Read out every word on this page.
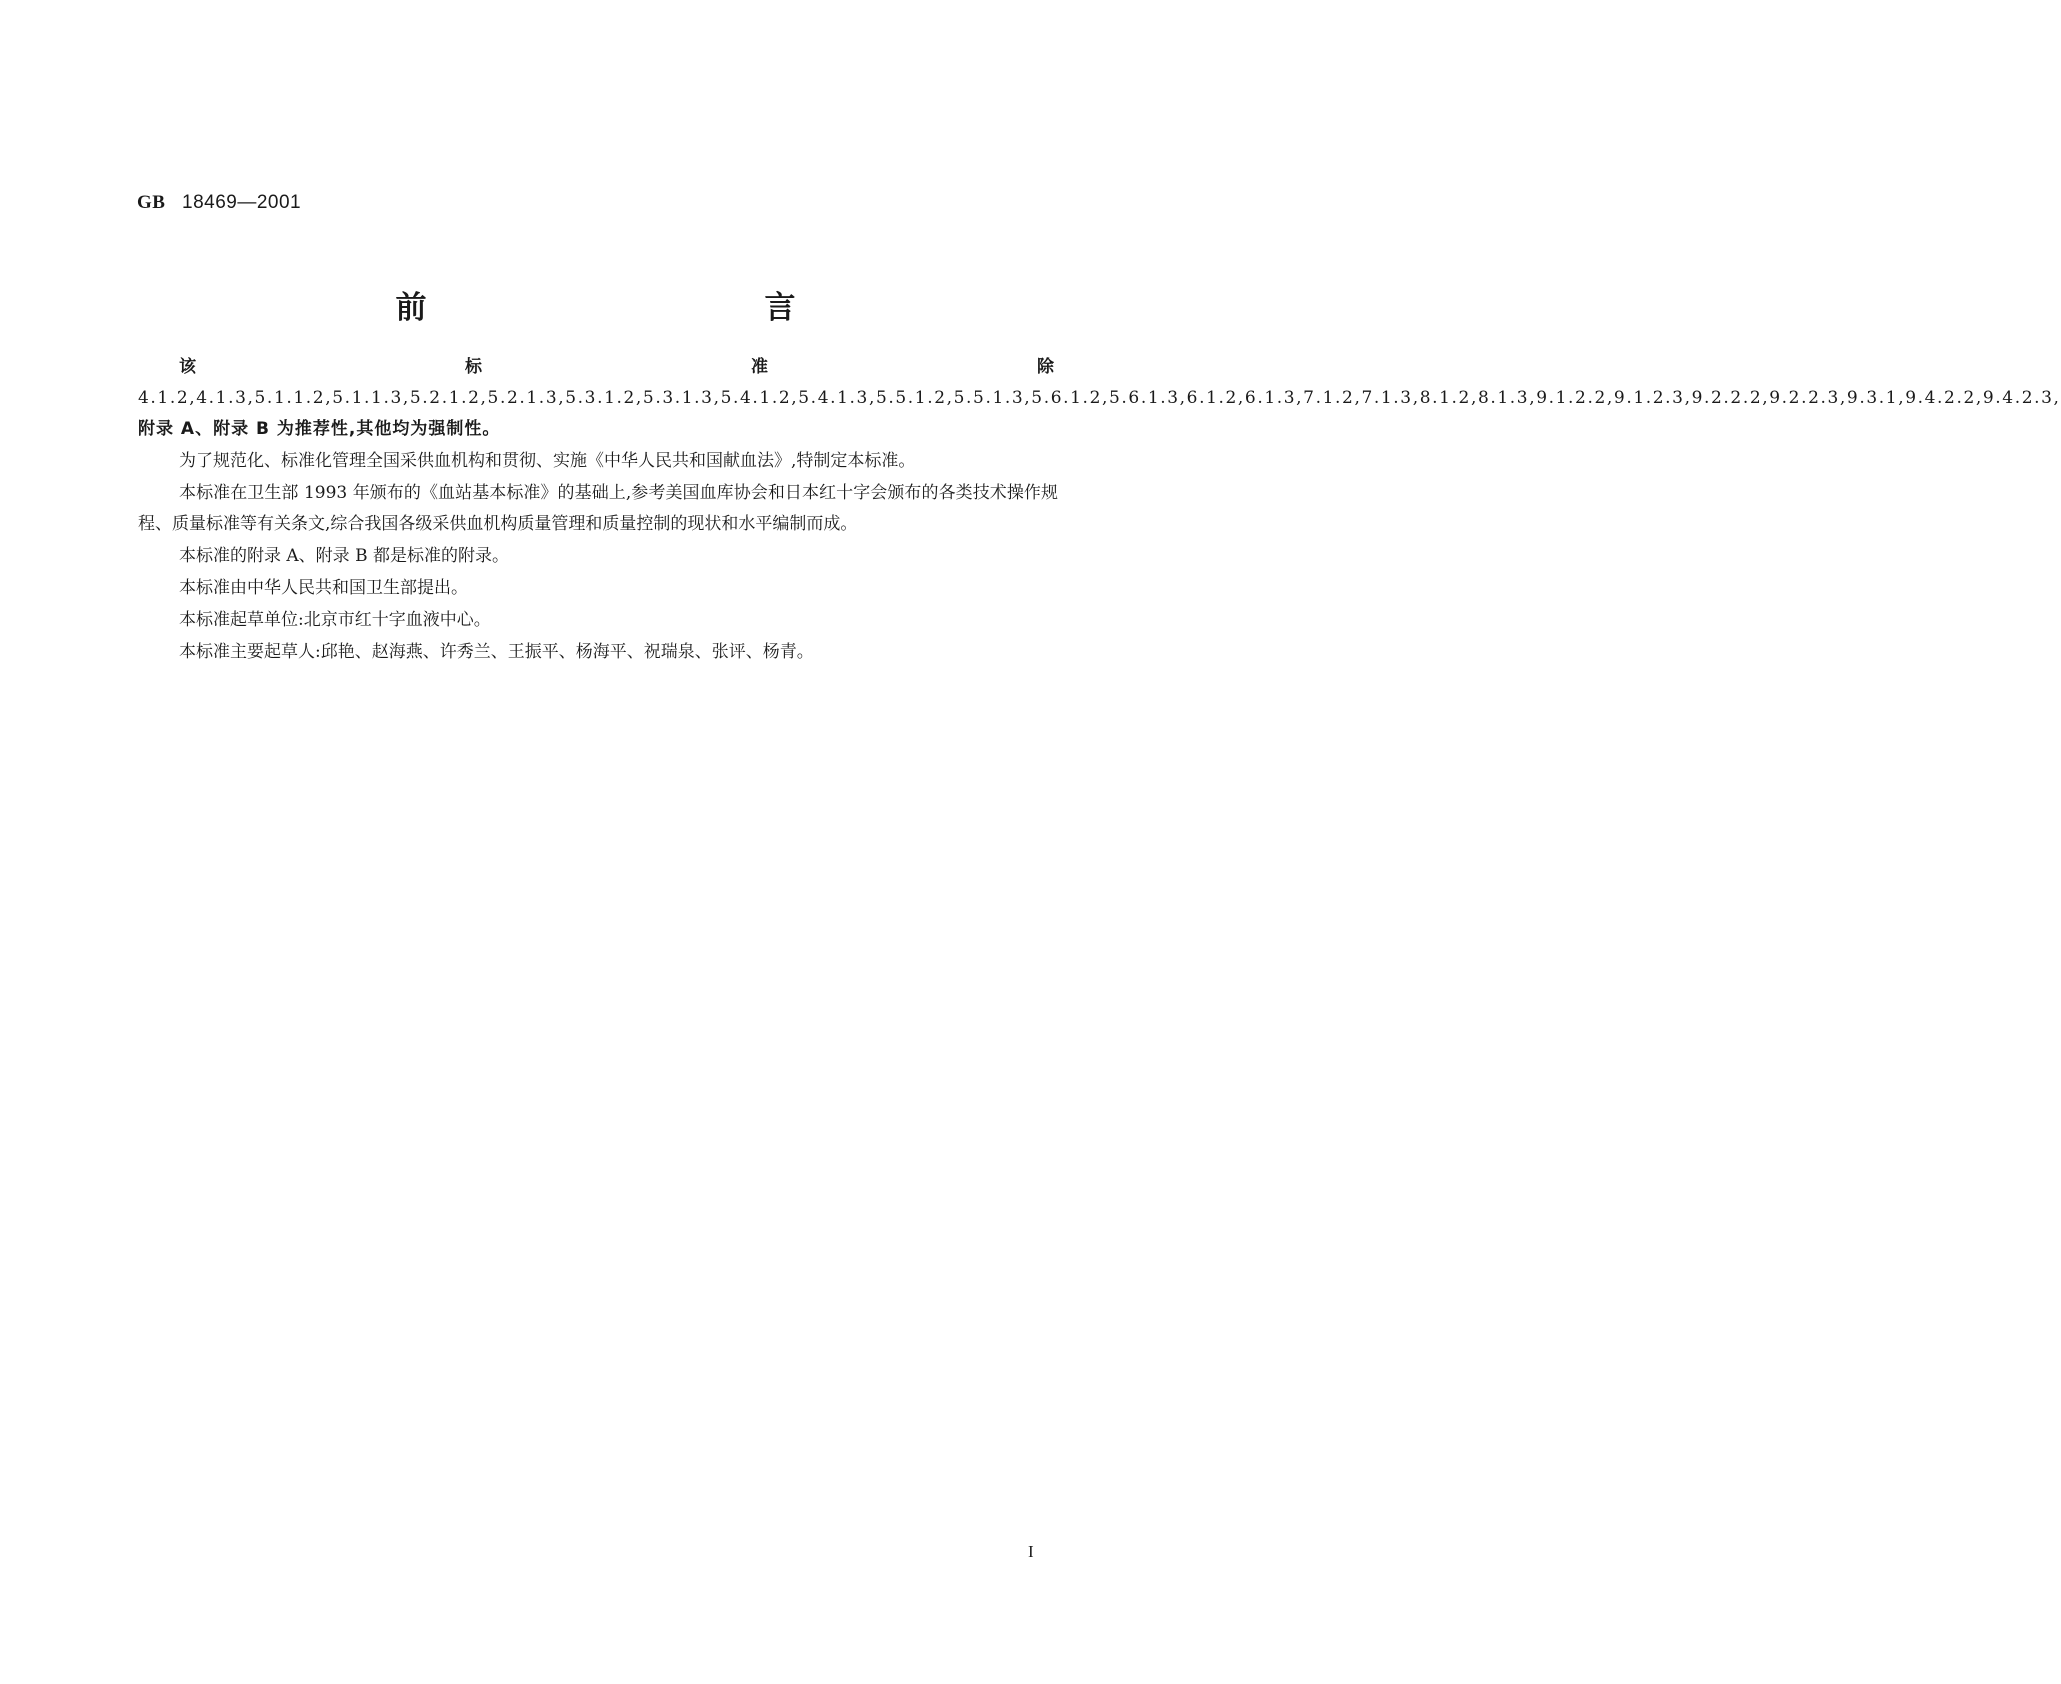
GB 18469—2001
前　　言

该标准除 4.1.2,4.1.3,5.1.1.2,5.1.1.3,5.2.1.2,5.2.1.3,5.3.1.2,5.3.1.3,5.4.1.2,5.4.1.3,5.5.1.2,5.5.1.3,5.6.1.2,5.6.1.3,6.1.2,6.1.3,7.1.2,7.1.3,8.1.2,8.1.3,9.1.2.2,9.1.2.3,9.2.2.2,9.2.2.3,9.3.1,9.4.2.2,9.4.2.3,附录 A、附录 B 为推荐性,其他均为强制性。

为了规范化、标准化管理全国采供血机构和贯彻、实施《中华人民共和国献血法》,特制定本标准。

本标准在卫生部 1993 年颁布的《血站基本标准》的基础上,参考美国血库协会和日本红十字会颁布的各类技术操作规程、质量标准等有关条文,综合我国各级采供血机构质量管理和质量控制的现状和水平编制而成。

本标准的附录 A、附录 B 都是标准的附录。

本标准由中华人民共和国卫生部提出。

本标准起草单位:北京市红十字血液中心。

本标准主要起草人:邱艳、赵海燕、许秀兰、王振平、杨海平、祝瑞泉、张评、杨青。

I
